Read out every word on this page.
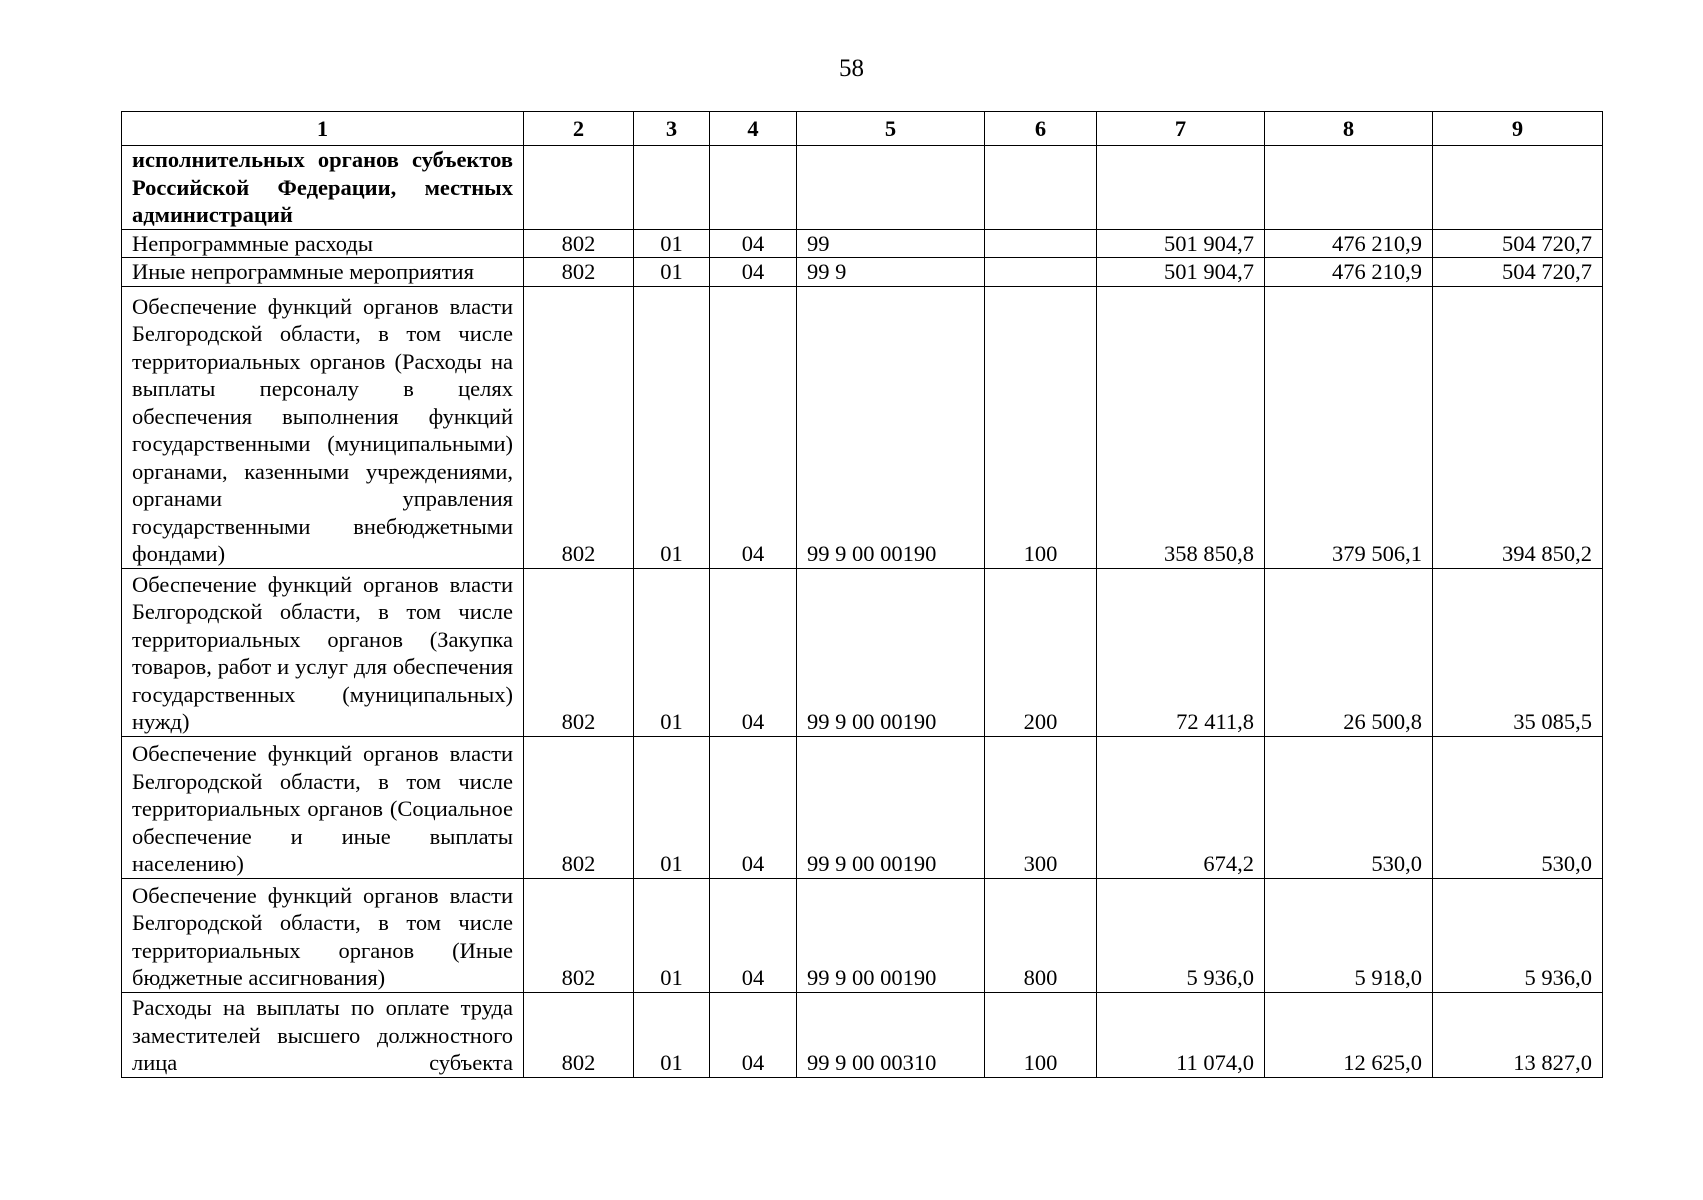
58
1	2	3	4	5	6	7	8	9
исполнительных органов субъектов Российской Федерации, местных администраций								
Непрограммные расходы	802	01	04	99		501 904,7	476 210,9	504 720,7
Иные непрограммные мероприятия	802	01	04	99 9		501 904,7	476 210,9	504 720,7
Обеспечение функций органов власти Белгородской области, в том числе территориальных органов (Расходы на выплаты персоналу в целях обеспечения выполнения функций государственными (муниципальными) органами, казенными учреждениями, органами управления государственными внебюджетными фондами)	802	01	04	99 9 00 00190	100	358 850,8	379 506,1	394 850,2
Обеспечение функций органов власти Белгородской области, в том числе территориальных органов (Закупка товаров, работ и услуг для обеспечения государственных (муниципальных) нужд)	802	01	04	99 9 00 00190	200	72 411,8	26 500,8	35 085,5
Обеспечение функций органов власти Белгородской области, в том числе территориальных органов (Социальное обеспечение и иные выплаты населению)	802	01	04	99 9 00 00190	300	674,2	530,0	530,0
Обеспечение функций органов власти Белгородской области, в том числе территориальных органов (Иные бюджетные ассигнования)	802	01	04	99 9 00 00190	800	5 936,0	5 918,0	5 936,0
Расходы на выплаты по оплате труда заместителей высшего должностного лица субъекта	802	01	04	99 9 00 00310	100	11 074,0	12 625,0	13 827,0
